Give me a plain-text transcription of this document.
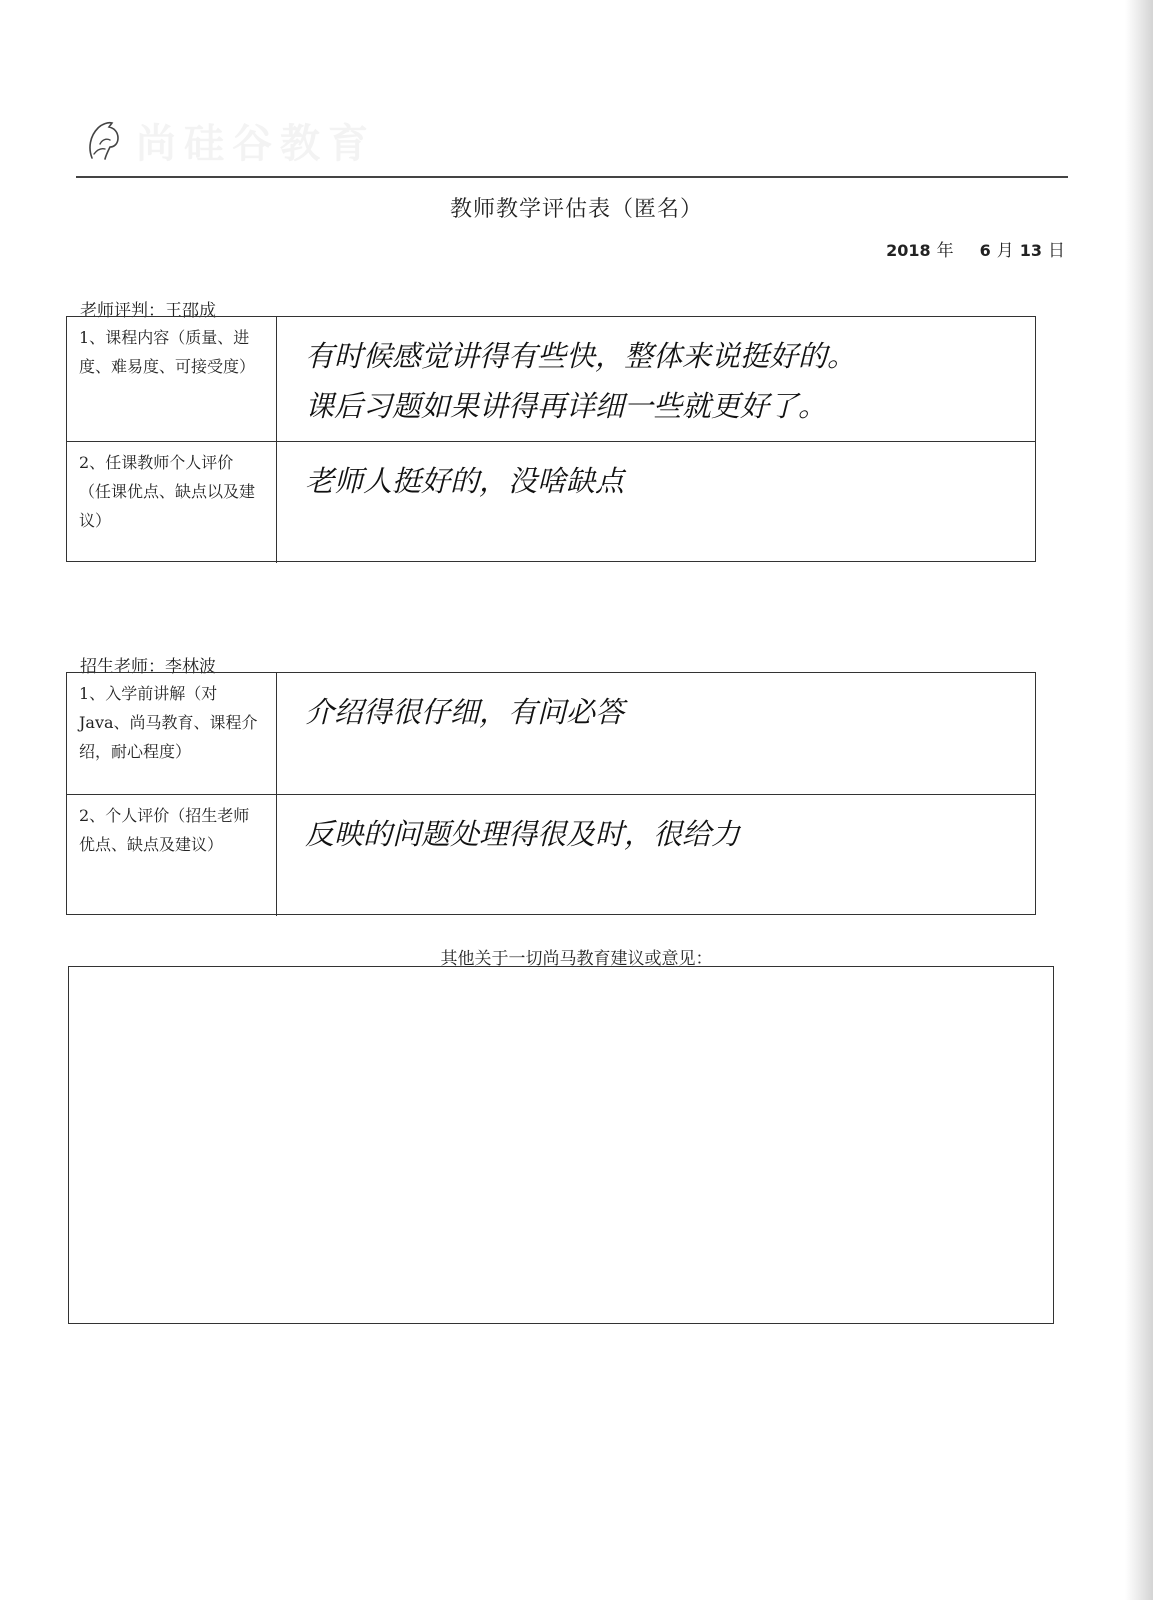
尚硅谷教育
教师教学评估表（匿名）
2018 年 6 月 13 日
老师评判：王邵成
1、课程内容（质量、进度、难易度、可接受度）	有时候感觉讲得有些快，整体来说挺好的。

课后习题如果讲得再详细一些就更好了。

2、任课教师个人评价（任课优点、缺点以及建议）

老师人挺好的，没啥缺点

招生老师：李林波
1、入学前讲解（对Java、尚马教育、课程介绍，耐心程度）

介绍得很仔细，有问必答

2、个人评价（招生老师优点、缺点及建议）	反映的问题处理得很及时，很给力

其他关于一切尚马教育建议或意见：
